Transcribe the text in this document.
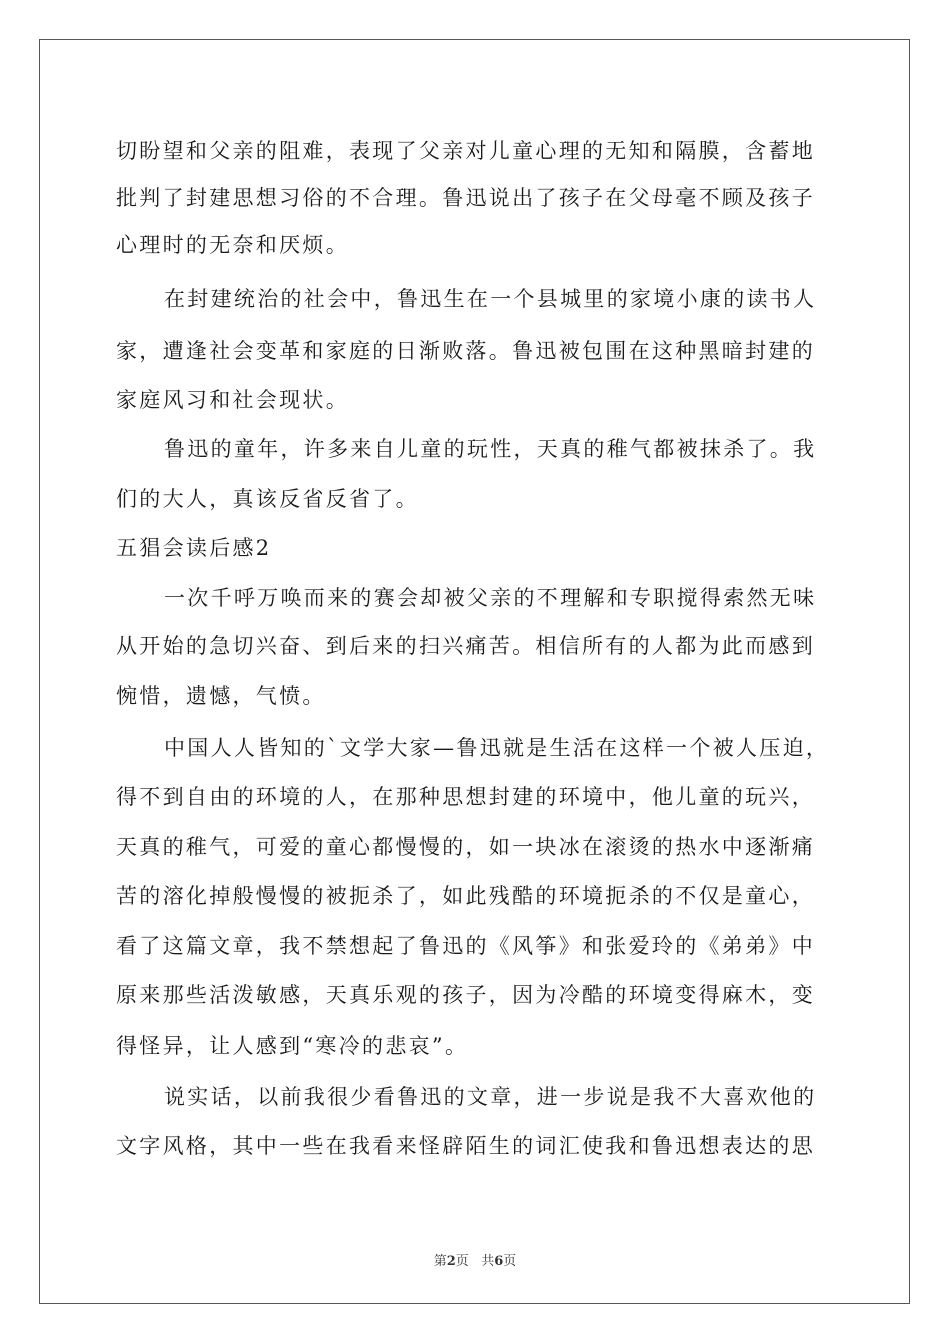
切盼望和父亲的阻难，表现了父亲对儿童心理的无知和隔膜，含蓄地
批判了封建思想习俗的不合理。鲁迅说出了孩子在父母毫不顾及孩子
心理时的无奈和厌烦。
在封建统治的社会中，鲁迅生在一个县城里的家境小康的读书人
家，遭逢社会变革和家庭的日渐败落。鲁迅被包围在这种黑暗封建的
家庭风习和社会现状。
鲁迅的童年，许多来自儿童的玩性，天真的稚气都被抹杀了。我
们的大人，真该反省反省了。
五猖会读后感2
一次千呼万唤而来的赛会却被父亲的不理解和专职搅得索然无味
从开始的急切兴奋、到后来的扫兴痛苦。相信所有的人都为此而感到
惋惜，遗憾，气愤。
中国人人皆知的`文学大家—鲁迅就是生活在这样一个被人压迫，
得不到自由的环境的人，在那种思想封建的环境中，他儿童的玩兴，
天真的稚气，可爱的童心都慢慢的，如一块冰在滚烫的热水中逐渐痛
苦的溶化掉般慢慢的被扼杀了，如此残酷的环境扼杀的不仅是童心，
看了这篇文章，我不禁想起了鲁迅的《风筝》和张爱玲的《弟弟》中
原来那些活泼敏感，天真乐观的孩子，因为冷酷的环境变得麻木，变
得怪异，让人感到“寒冷的悲哀”。
说实话，以前我很少看鲁迅的文章，进一步说是我不大喜欢他的
文字风格，其中一些在我看来怪辟陌生的词汇使我和鲁迅想表达的思
第2页 共6页
